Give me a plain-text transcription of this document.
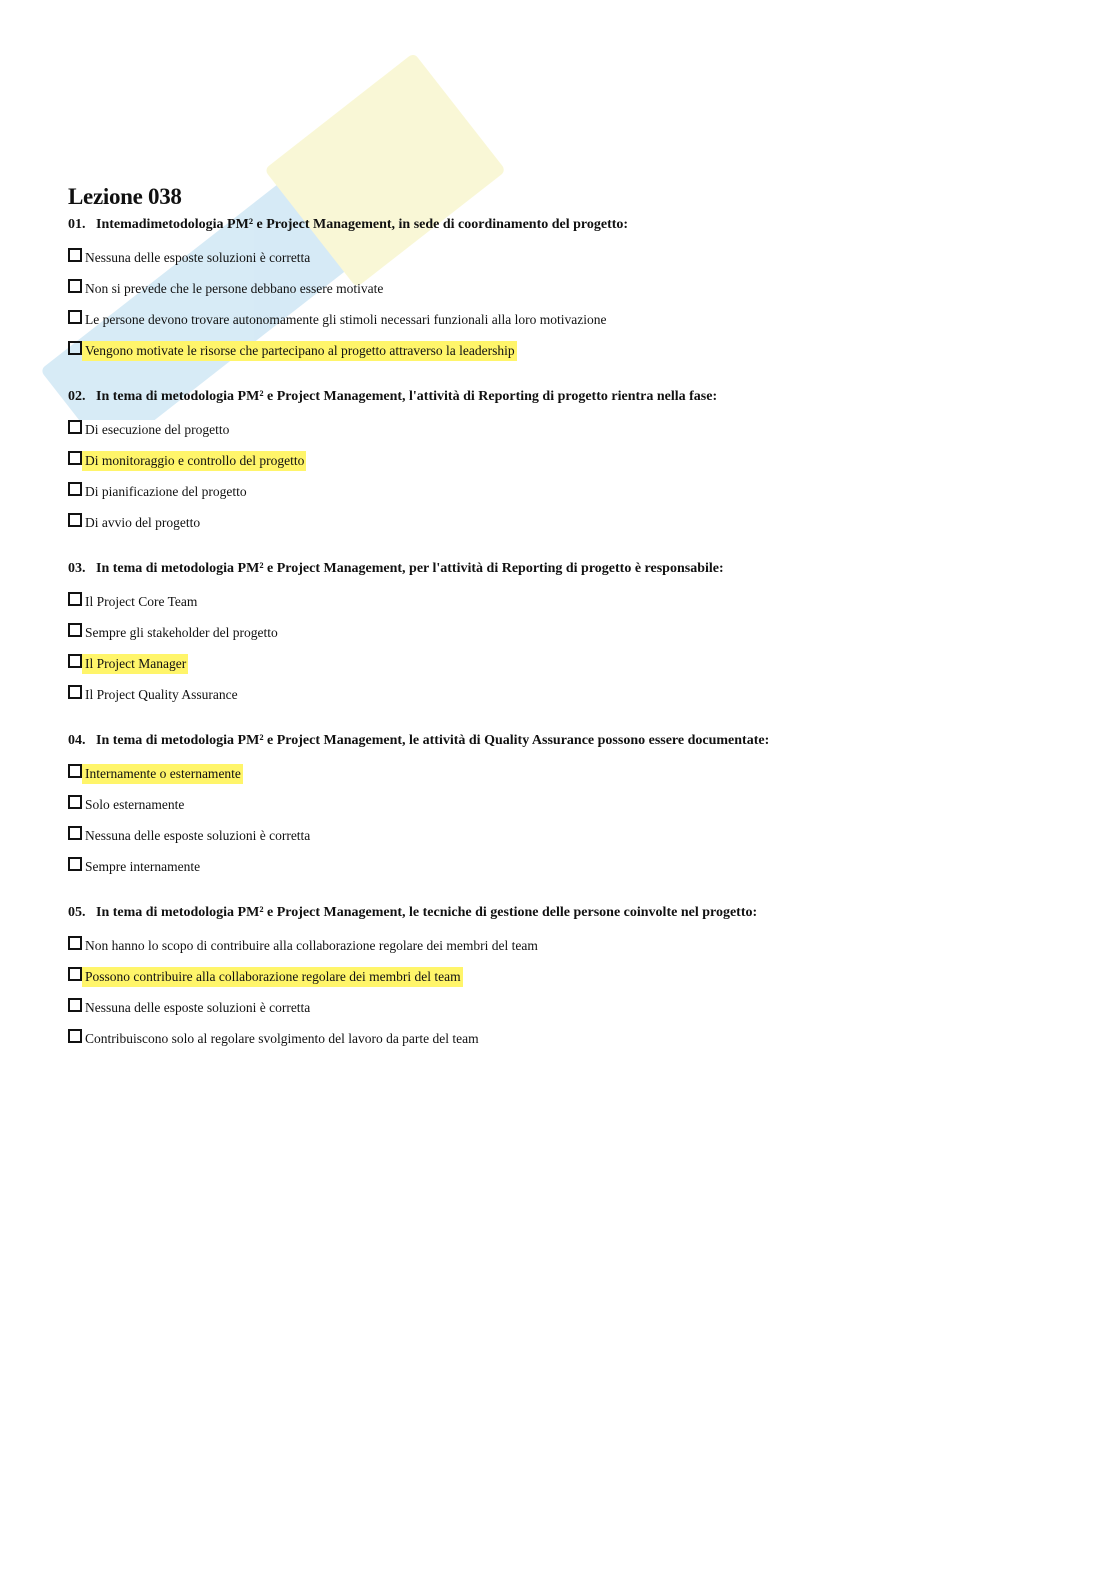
Lezione 038
01. Intemadimetodologia PM² e Project Management, in sede di coordinamento del progetto:
Nessuna delle esposte soluzioni è corretta
Non si prevede che le persone debbano essere motivate
Le persone devono trovare autonomamente gli stimoli necessari funzionali alla loro motivazione
Vengono motivate le risorse che partecipano al progetto attraverso la leadership
02. In tema di metodologia PM² e Project Management, l'attività di Reporting di progetto rientra nella fase:
Di esecuzione del progetto
Di monitoraggio e controllo del progetto
Di pianificazione del progetto
Di avvio del progetto
03. In tema di metodologia PM² e Project Management, per l'attività di Reporting di progetto è responsabile:
Il Project Core Team
Sempre gli stakeholder del progetto
Il Project Manager
Il Project Quality Assurance
04. In tema di metodologia PM² e Project Management, le attività di Quality Assurance possono essere documentate:
Internamente o esternamente
Solo esternamente
Nessuna delle esposte soluzioni è corretta
Sempre internamente
05. In tema di metodologia PM² e Project Management, le tecniche di gestione delle persone coinvolte nel progetto:
Non hanno lo scopo di contribuire alla collaborazione regolare dei membri del team
Possono contribuire alla collaborazione regolare dei membri del team
Nessuna delle esposte soluzioni è corretta
Contribuiscono solo al regolare svolgimento del lavoro da parte del team
